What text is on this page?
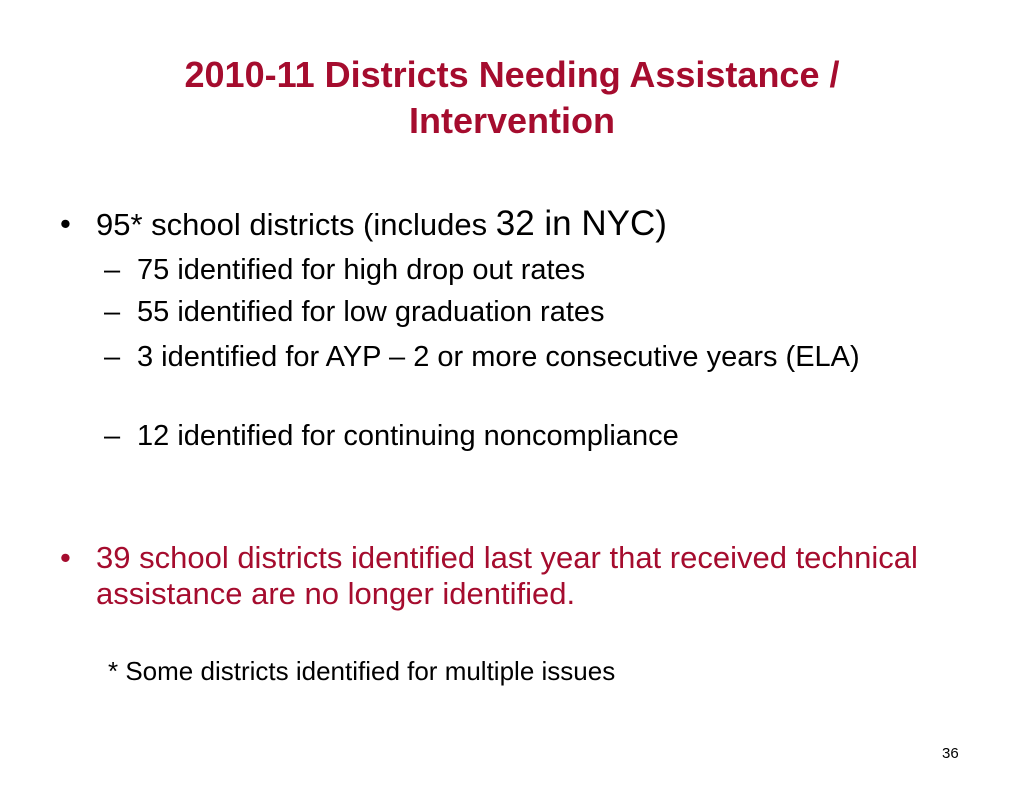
2010-11 Districts Needing Assistance /
Intervention
• 95* school districts (includes 32 in NYC)
– 75 identified for high drop out rates
– 55 identified for low graduation rates
– 3 identified for AYP – 2 or more consecutive years (ELA)
– 12 identified for continuing noncompliance
• 39 school districts identified last year that received technical assistance are no longer identified.
* Some districts identified for multiple issues
36
